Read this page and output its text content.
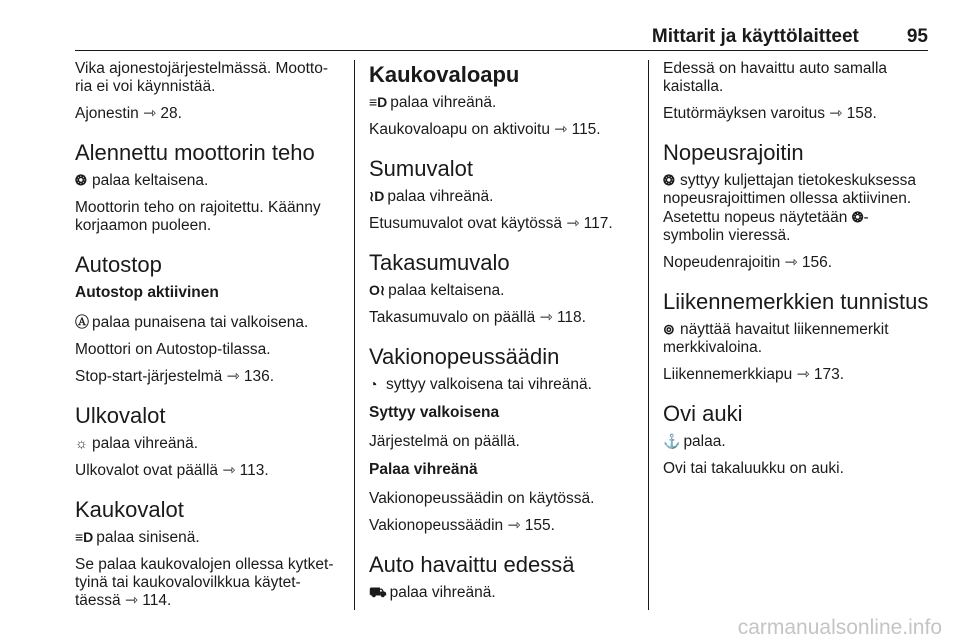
Mittarit ja käyttölaitteet	95

Vika ajonestojärjestelmässä. Mootto-ria ei voi käynnistää.

Ajonestin ⇾ 28.

Alennettu moottorin teho

❂ palaa keltaisena.

Moottorin teho on rajoitettu. Käänny korjaamon puoleen.

Autostop
Autostop aktiivinen

Ⓐ palaa punaisena tai valkoisena.

Moottori on Autostop-tilassa.

Stop-start-järjestelmä ⇾ 136.

Ulkovalot

☼ palaa vihreänä.

Ulkovalot ovat päällä ⇾ 113.

Kaukovalot

≡D palaa sinisenä.

Se palaa kaukovalojen ollessa kytket-tyinä tai kaukovalovilkkua käytet-täessä ⇾ 114.

Kaukovaloapu

≡D palaa vihreänä.

Kaukovaloapu on aktivoitu ⇾ 115.

Sumuvalot

≀D palaa vihreänä.

Etusumuvalot ovat käytössä ⇾ 117.

Takasumuvalo

O≀ palaa keltaisena.

Takasumuvalo on päällä ⇾ 118.

Vakionopeussäädin

◔ syttyy valkoisena tai vihreänä.

Syttyy valkoisena

Järjestelmä on päällä.

Palaa vihreänä

Vakionopeussäädin on käytössä.

Vakionopeussäädin ⇾ 155.

Auto havaittu edessä

⛟ palaa vihreänä.

Edessä on havaittu auto samalla kaistalla.

Etutörmäyksen varoitus ⇾ 158.

Nopeusrajoitin

❂ syttyy kuljettajan tietokeskuksessa nopeusrajoittimen ollessa aktiivinen. Asetettu nopeus näytetään ❂-symbolin vieressä.

Nopeudenrajoitin ⇾ 156.

Liikennemerkkien tunnistus

⊚ näyttää havaitut liikennemerkit merkkivaloina.

Liikennemerkkiapu ⇾ 173.

Ovi auki

⚓ palaa.

Ovi tai takaluukku on auki.

carmanualsonline.info
